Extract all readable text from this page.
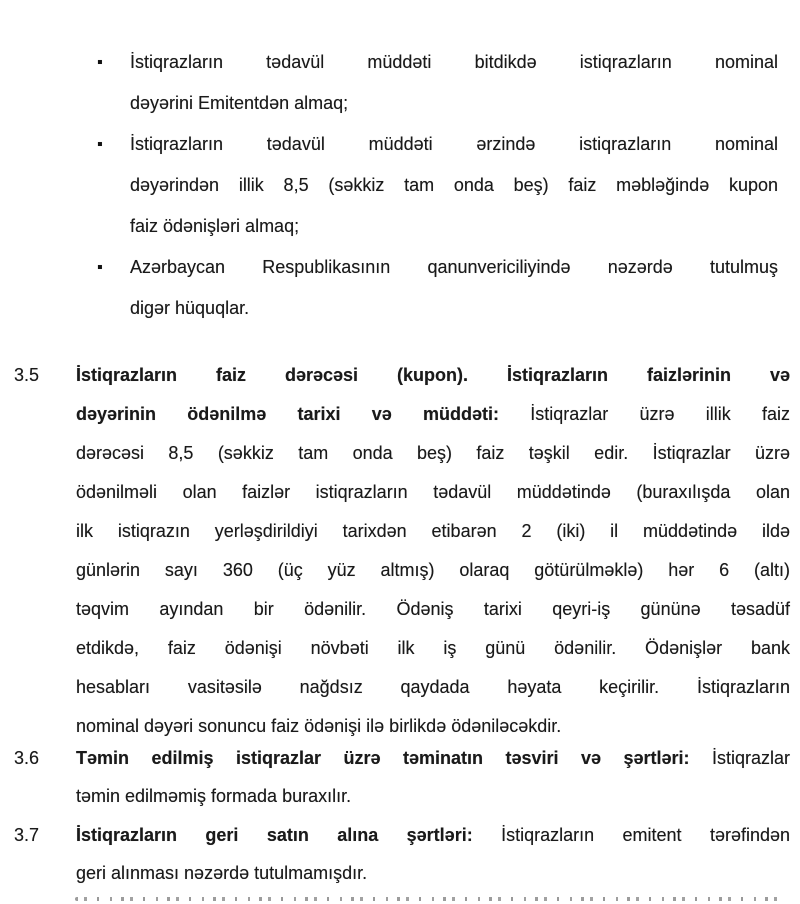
▪	İstiqrazların tədavül müddəti bitdikdə istiqrazların nominal
dəyərini Emitentdən almaq;
▪	İstiqrazların tədavül müddəti ərzində istiqrazların nominal
dəyərindən illik 8,5 (səkkiz tam onda beş) faiz məbləğində kupon
faiz ödənişləri almaq;
▪	Azərbaycan Respublikasının qanunvericiliyində nəzərdə tutulmuş
digər hüquqlar.
3.5	İstiqrazların faiz dərəcəsi (kupon). İstiqrazların faizlərinin və
dəyərinin ödənilmə tarixi və müddəti: İstiqrazlar üzrə illik faiz
dərəcəsi 8,5 (səkkiz tam onda beş) faiz təşkil edir. İstiqrazlar üzrə
ödənilməli olan faizlər istiqrazların tədavül müddətində (buraxılışda olan
ilk istiqrazın yerləşdirildiyi tarixdən etibarən 2 (iki) il müddətində ildə
günlərin sayı 360 (üç yüz altmış) olaraq götürülməklə) hər 6 (altı)
təqvim ayından bir ödənilir. Ödəniş tarixi qeyri-iş gününə təsadüf
etdikdə, faiz ödənişi növbəti ilk iş günü ödənilir. Ödənişlər bank
hesabları vasitəsilə nağdsız qaydada həyata keçirilir. İstiqrazların
nominal dəyəri sonuncu faiz ödənişi ilə birlikdə ödəniləcəkdir.
3.6	Təmin edilmiş istiqrazlar üzrə təminatın təsviri və şərtləri: İstiqrazlar
təmin edilməmiş formada buraxılır.
3.7	İstiqrazların geri satın alına şərtləri: İstiqrazların emitent tərəfindən
geri alınması nəzərdə tutulmamışdır.
